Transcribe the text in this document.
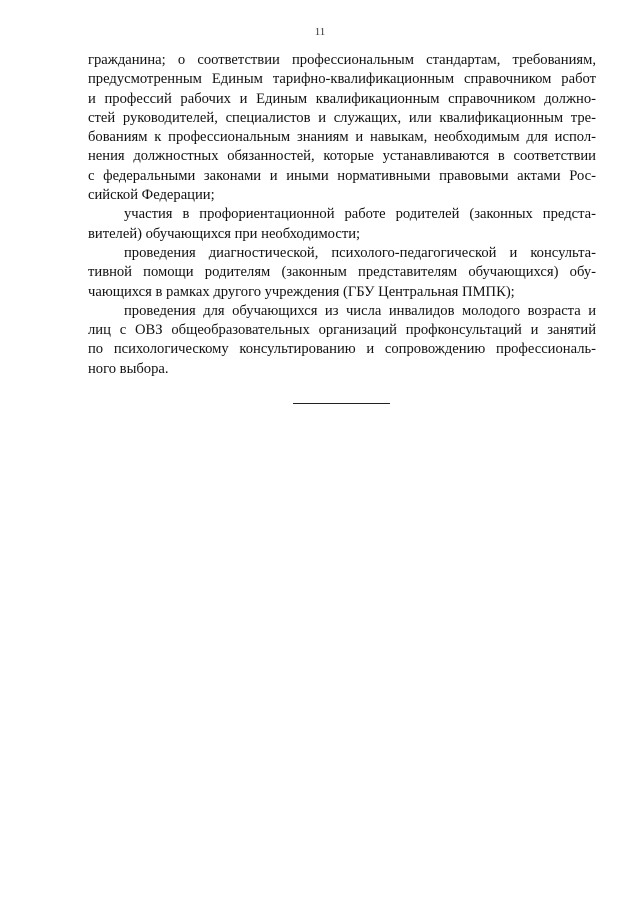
11
гражданина; о соответствии профессиональным стандартам, требованиям,
предусмотренным Единым тарифно-квалификационным справочником работ
и профессий рабочих и Единым квалификационным справочником должно-
стей руководителей, специалистов и служащих, или квалификационным тре-
бованиям к профессиональным знаниям и навыкам, необходимым для испол-
нения должностных обязанностей, которые устанавливаются в соответствии
с федеральными законами и иными нормативными правовыми актами Рос-
сийской Федерации;
участия в профориентационной работе родителей (законных предста-
вителей) обучающихся при необходимости;
проведения диагностической, психолого-педагогической и консульта-
тивной помощи родителям (законным представителям обучающихся) обу-
чающихся в рамках другого учреждения (ГБУ Центральная ПМПК);
проведения для обучающихся из числа инвалидов молодого возраста и
лиц с ОВЗ общеобразовательных организаций профконсультаций и занятий
по психологическому консультированию и сопровождению профессиональ-
ного выбора.
